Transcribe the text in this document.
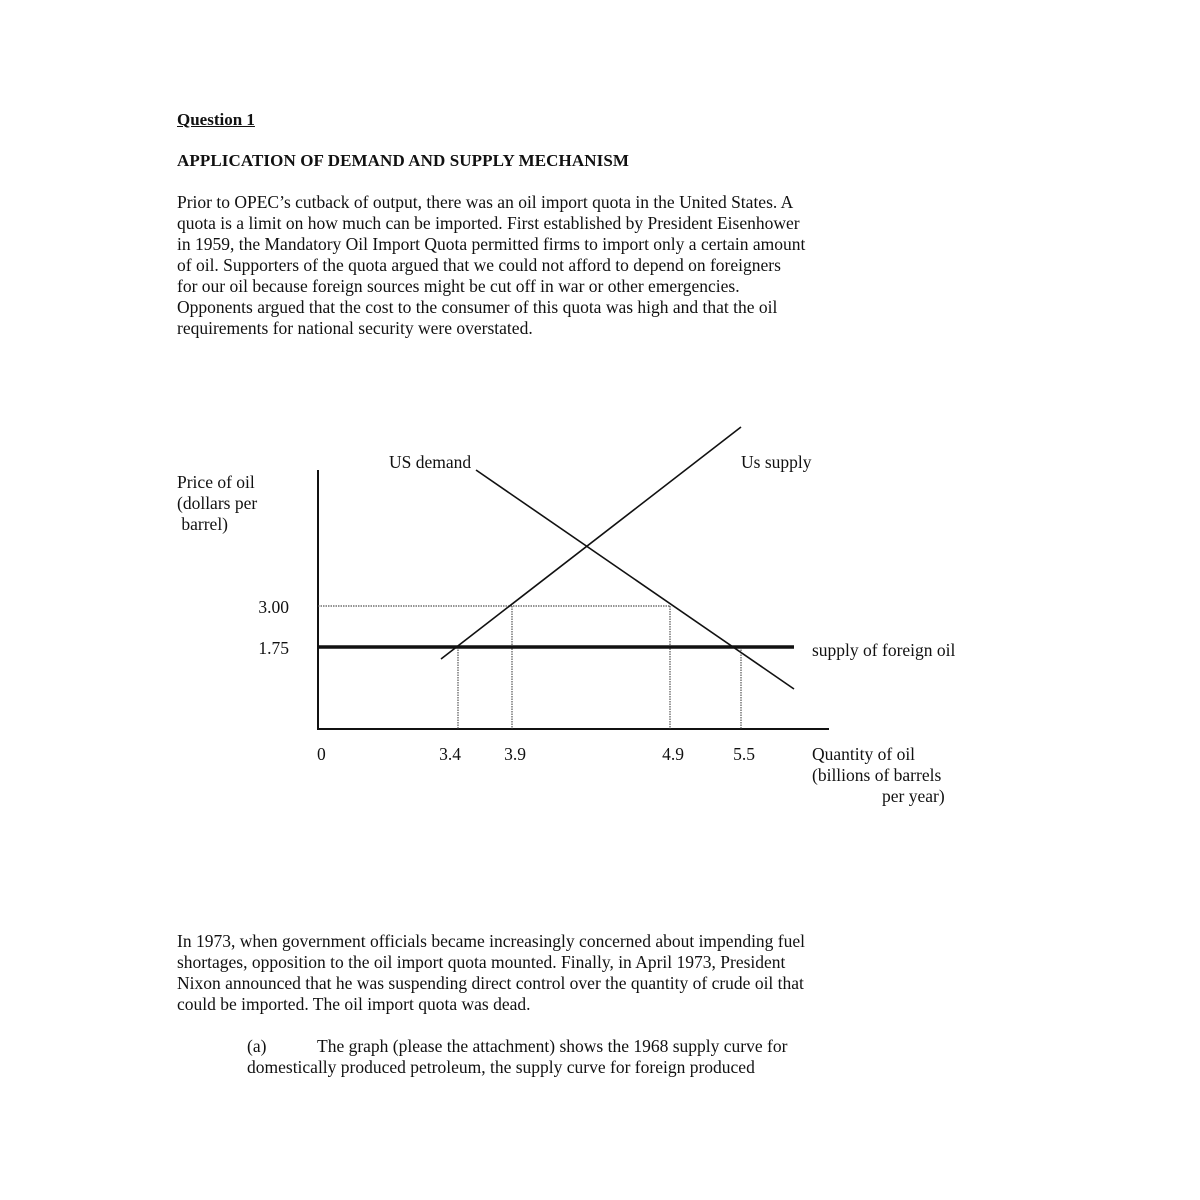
Question 1
APPLICATION OF DEMAND AND SUPPLY MECHANISM

Prior to OPEC’s cutback of output, there was an oil import quota in the United States. A

quota is a limit on how much can be imported. First established by President Eisenhower

in 1959, the Mandatory Oil Import Quota permitted firms to import only a certain amount

of oil. Supporters of the quota argued that we could not afford to depend on foreigners

for our oil because foreign sources might be cut off in war or other emergencies.

Opponents argued that the cost to the consumer of this quota was high and that the oil

requirements for national security were overstated.

Price of oil
(dollars per
barrel)
Quantity of oil
(billions of barrels
per year)
0
3.00
1.75
3.4 3.9	4.9	5.5
US demand	Us supply
supply of foreign oil

In 1973, when government officials became increasingly concerned about impending fuel

shortages, opposition to the oil import quota mounted. Finally, in April 1973, President

Nixon announced that he was suspending direct control over the quantity of crude oil that

could be imported. The oil import quota was dead.

(a)	The graph (please the attachment) shows the 1968 supply curve for

domestically produced petroleum, the supply curve for foreign produced
